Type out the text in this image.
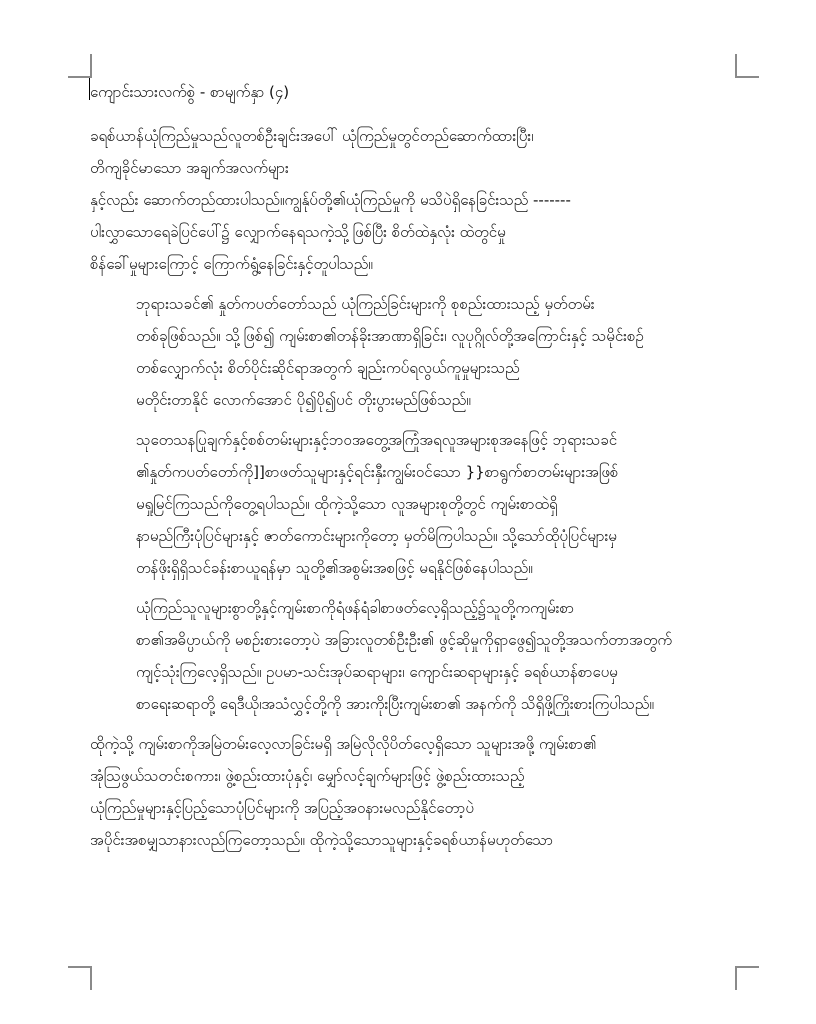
ကျောင်းသားလက်စွဲ - စာမျက်နှာ (၄)
ခရစ်ယာန်ယုံကြည်မှုသည်လူတစ်ဦးချင်းအပေါ် ယုံကြည်မှုတွင်တည်ဆောက်ထားပြီး၊
တိကျခိုင်မာသော အချက်အလက်များ
နှင့်လည်း ဆောက်တည်ထားပါသည်။ကျွန်ုပ်တို့၏ယုံကြည်မှုကို မသိပဲရှိနေခြင်းသည် -------
ပါးလွှာသောရေခဲပြင်ပေါ်၌ လျှောက်နေရသကဲ့သို့ဖြစ်ပြီး စိတ်ထဲနှလုံး ထဲတွင်မှု
စိန်ခေါ်မှုများကြောင့် ကြောက်ရွံ့နေခြင်းနှင့်တူပါသည်။
ဘုရားသခင်၏ နှုတ်ကပတ်တော်သည် ယုံကြည်ခြင်းများကို စုစည်းထားသည့် မှတ်တမ်း
တစ်ခုဖြစ်သည်။ သို့ဖြစ်၍ ကျမ်းစာ၏တန်ခိုးအာဏာရှိခြင်း၊ လူပုဂ္ဂိုလ်တို့အကြောင်းနှင့် သမိုင်းစဉ်
တစ်လျှောက်လုံး စိတ်ပိုင်းဆိုင်ရာအတွက် ချည်းကပ်ရလွယ်ကူမှုများသည်
မတိုင်းတာနိုင် လောက်အောင် ပို၍ပို၍ပင် တိုးပွားမည်ဖြစ်သည်။
သုတေသနပြုချက်နှင့်စစ်တမ်းများနှင့်ဘဝအတွေ့အကြုံအရလူအများစုအနေဖြင့် ဘုရားသခင်
၏နှုတ်ကပတ်တော်ကို]]စာဖတ်သူများနှင့်ရင်းနှီးကျွမ်းဝင်သော }}စာရွက်စာတမ်းများအဖြစ်
မရှုမြင်ကြသည်ကိုတွေ့ရပါသည်။ ထိုကဲ့သို့သော လူအများစုတို့တွင် ကျမ်းစာထဲရှိ
နာမည်ကြီးပုံပြင်များနှင့် ဇာတ်ကောင်းများကိုတော့ မှတ်မိကြပါသည်။ သို့သော်ထိုပုံပြင်များမှ
တန်ဖိုးရှိရှိသင်ခန်းစာယူရန်မှာ သူတို့၏အစွမ်းအစဖြင့် မရနိုင်ဖြစ်နေပါသည်။
ယုံကြည်သူလူများစွာတို့နှင့်ကျမ်းစာကိုရံဖန်ရံခါစာဖတ်လေ့ရှိသည့်၌သူတို့ကကျမ်းစာ
စာ၏အဓိပ္ပာယ်ကို မစဉ်းစားတော့ပဲ အခြားလူတစ်ဦးဦး၏ ဖွင့်ဆိုမှုကိုရှာဖွေ၍သူတို့အသက်တာအတွက်
ကျင့်သုံးကြလေ့ရှိသည်။ ဥပမာ-သင်းအုပ်ဆရာများ၊ ကျောင်းဆရာများနှင့် ခရစ်ယာန်စာပေမှ
စာရေးဆရာတို့ ရေဒီယို၊အသံလွှင့်တို့ကို အားကိုးပြီးကျမ်းစာ၏ အနက်ကို သိရှိဖို့ကြိုးစားကြပါသည်။
ထိုကဲ့သို့ ကျမ်းစာကိုအမြဲတမ်းလေ့လာခြင်းမရှိ အမြဲလိုလိုပိတ်လေ့ရှိသော သူများအဖို့ ကျမ်းစာ၏
အုံသြဖွယ်သတင်းစကား၊ ဖွဲ့စည်းထားပုံနှင့်၊ မျှော်လင့်ချက်များဖြင့် ဖွဲ့စည်းထားသည့်
ယုံကြည်မှုများနှင့်ပြည့်သောပုံပြင်များကို အပြည့်အဝနားမလည်နိုင်တော့ပဲ
အပိုင်းအစမျှသာနားလည်ကြတော့သည်။ ထိုကဲ့သို့သောသူများနှင့်ခရစ်ယာန်မဟုတ်သော
